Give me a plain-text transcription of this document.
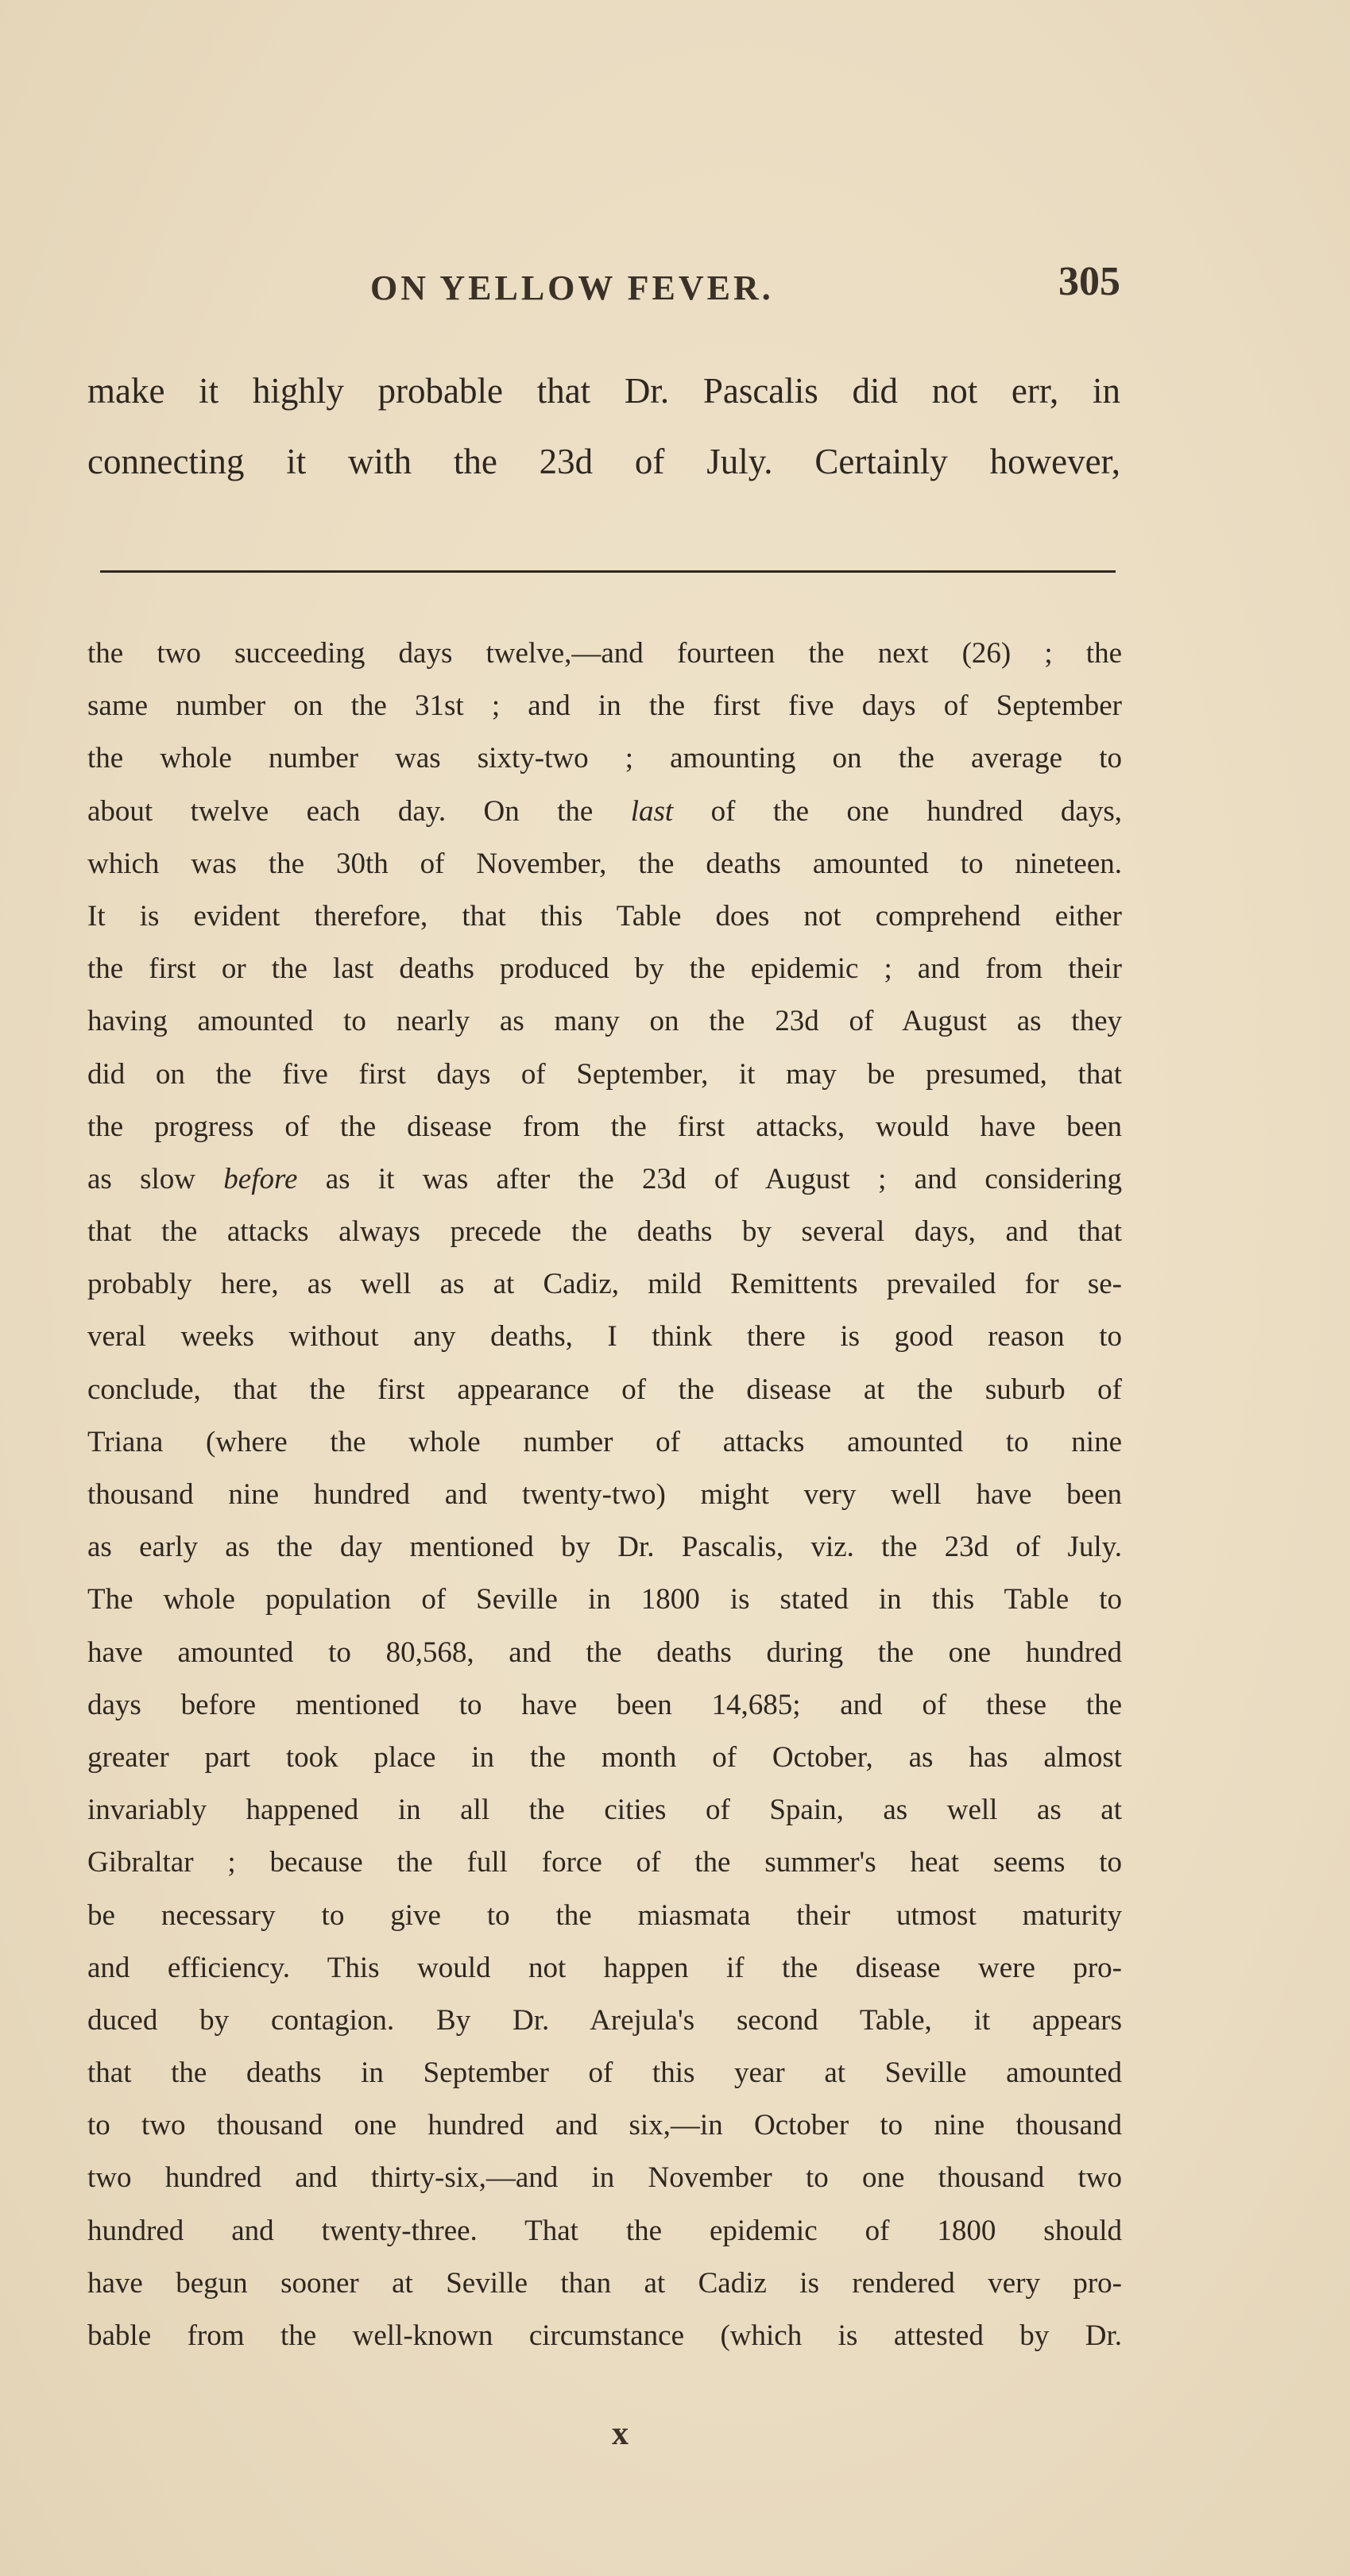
ON YELLOW FEVER.	305
make it highly probable that Dr. Pascalis did not err, in
connecting it with the 23d of July. Certainly however,
the two succeeding days twelve,—and fourteen the next (26) ; the
same number on the 31st ; and in the first five days of September
the whole number was sixty-two ; amounting on the average to
about twelve each day. On the last of the one hundred days,
which was the 30th of November, the deaths amounted to nineteen.
It is evident therefore, that this Table does not comprehend either
the first or the last deaths produced by the epidemic ; and from their
having amounted to nearly as many on the 23d of August as they
did on the five first days of September, it may be presumed, that
the progress of the disease from the first attacks, would have been
as slow before as it was after the 23d of August ; and considering
that the attacks always precede the deaths by several days, and that
probably here, as well as at Cadiz, mild Remittents prevailed for se-
veral weeks without any deaths, I think there is good reason to
conclude, that the first appearance of the disease at the suburb of
Triana (where the whole number of attacks amounted to nine
thousand nine hundred and twenty-two) might very well have been
as early as the day mentioned by Dr. Pascalis, viz. the 23d of July.
The whole population of Seville in 1800 is stated in this Table to
have amounted to 80,568, and the deaths during the one hundred
days before mentioned to have been 14,685; and of these the
greater part took place in the month of October, as has almost
invariably happened in all the cities of Spain, as well as at
Gibraltar ; because the full force of the summer's heat seems to
be necessary to give to the miasmata their utmost maturity
and efficiency. This would not happen if the disease were pro-
duced by contagion. By Dr. Arejula's second Table, it appears
that the deaths in September of this year at Seville amounted
to two thousand one hundred and six,—in October to nine thousand
two hundred and thirty-six,—and in November to one thousand two
hundred and twenty-three. That the epidemic of 1800 should
have begun sooner at Seville than at Cadiz is rendered very pro-
bable from the well-known circumstance (which is attested by Dr.
x
